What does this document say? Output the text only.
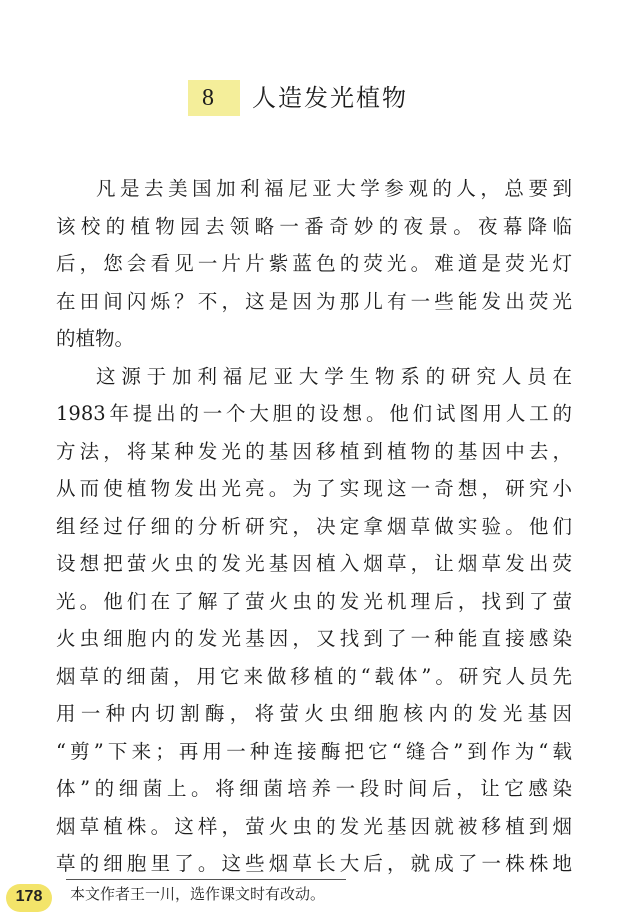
8	人造发光植物
凡是去美国加利福尼亚大学参观的人，总要到
该校的植物园去领略一番奇妙的夜景。夜幕降临
后，您会看见一片片紫蓝色的荧光。难道是荧光灯
在田间闪烁？不，这是因为那儿有一些能发出荧光
的植物。
这源于加利福尼亚大学生物系的研究人员在
1983年提出的一个大胆的设想。他们试图用人工的
方法，将某种发光的基因移植到植物的基因中去，
从而使植物发出光亮。为了实现这一奇想，研究小
组经过仔细的分析研究，决定拿烟草做实验。他们
设想把萤火虫的发光基因植入烟草，让烟草发出荧
光。他们在了解了萤火虫的发光机理后，找到了萤
火虫细胞内的发光基因，又找到了一种能直接感染
烟草的细菌，用它来做移植的“载体”。研究人员先
用一种内切割酶，将萤火虫细胞核内的发光基因
“剪”下来；再用一种连接酶把它“缝合”到作为“载
体”的细菌上。将细菌培养一段时间后，让它感染
烟草植株。这样，萤火虫的发光基因就被移植到烟
草的细胞里了。这些烟草长大后，就成了一株株地
178	本文作者王一川，选作课文时有改动。
